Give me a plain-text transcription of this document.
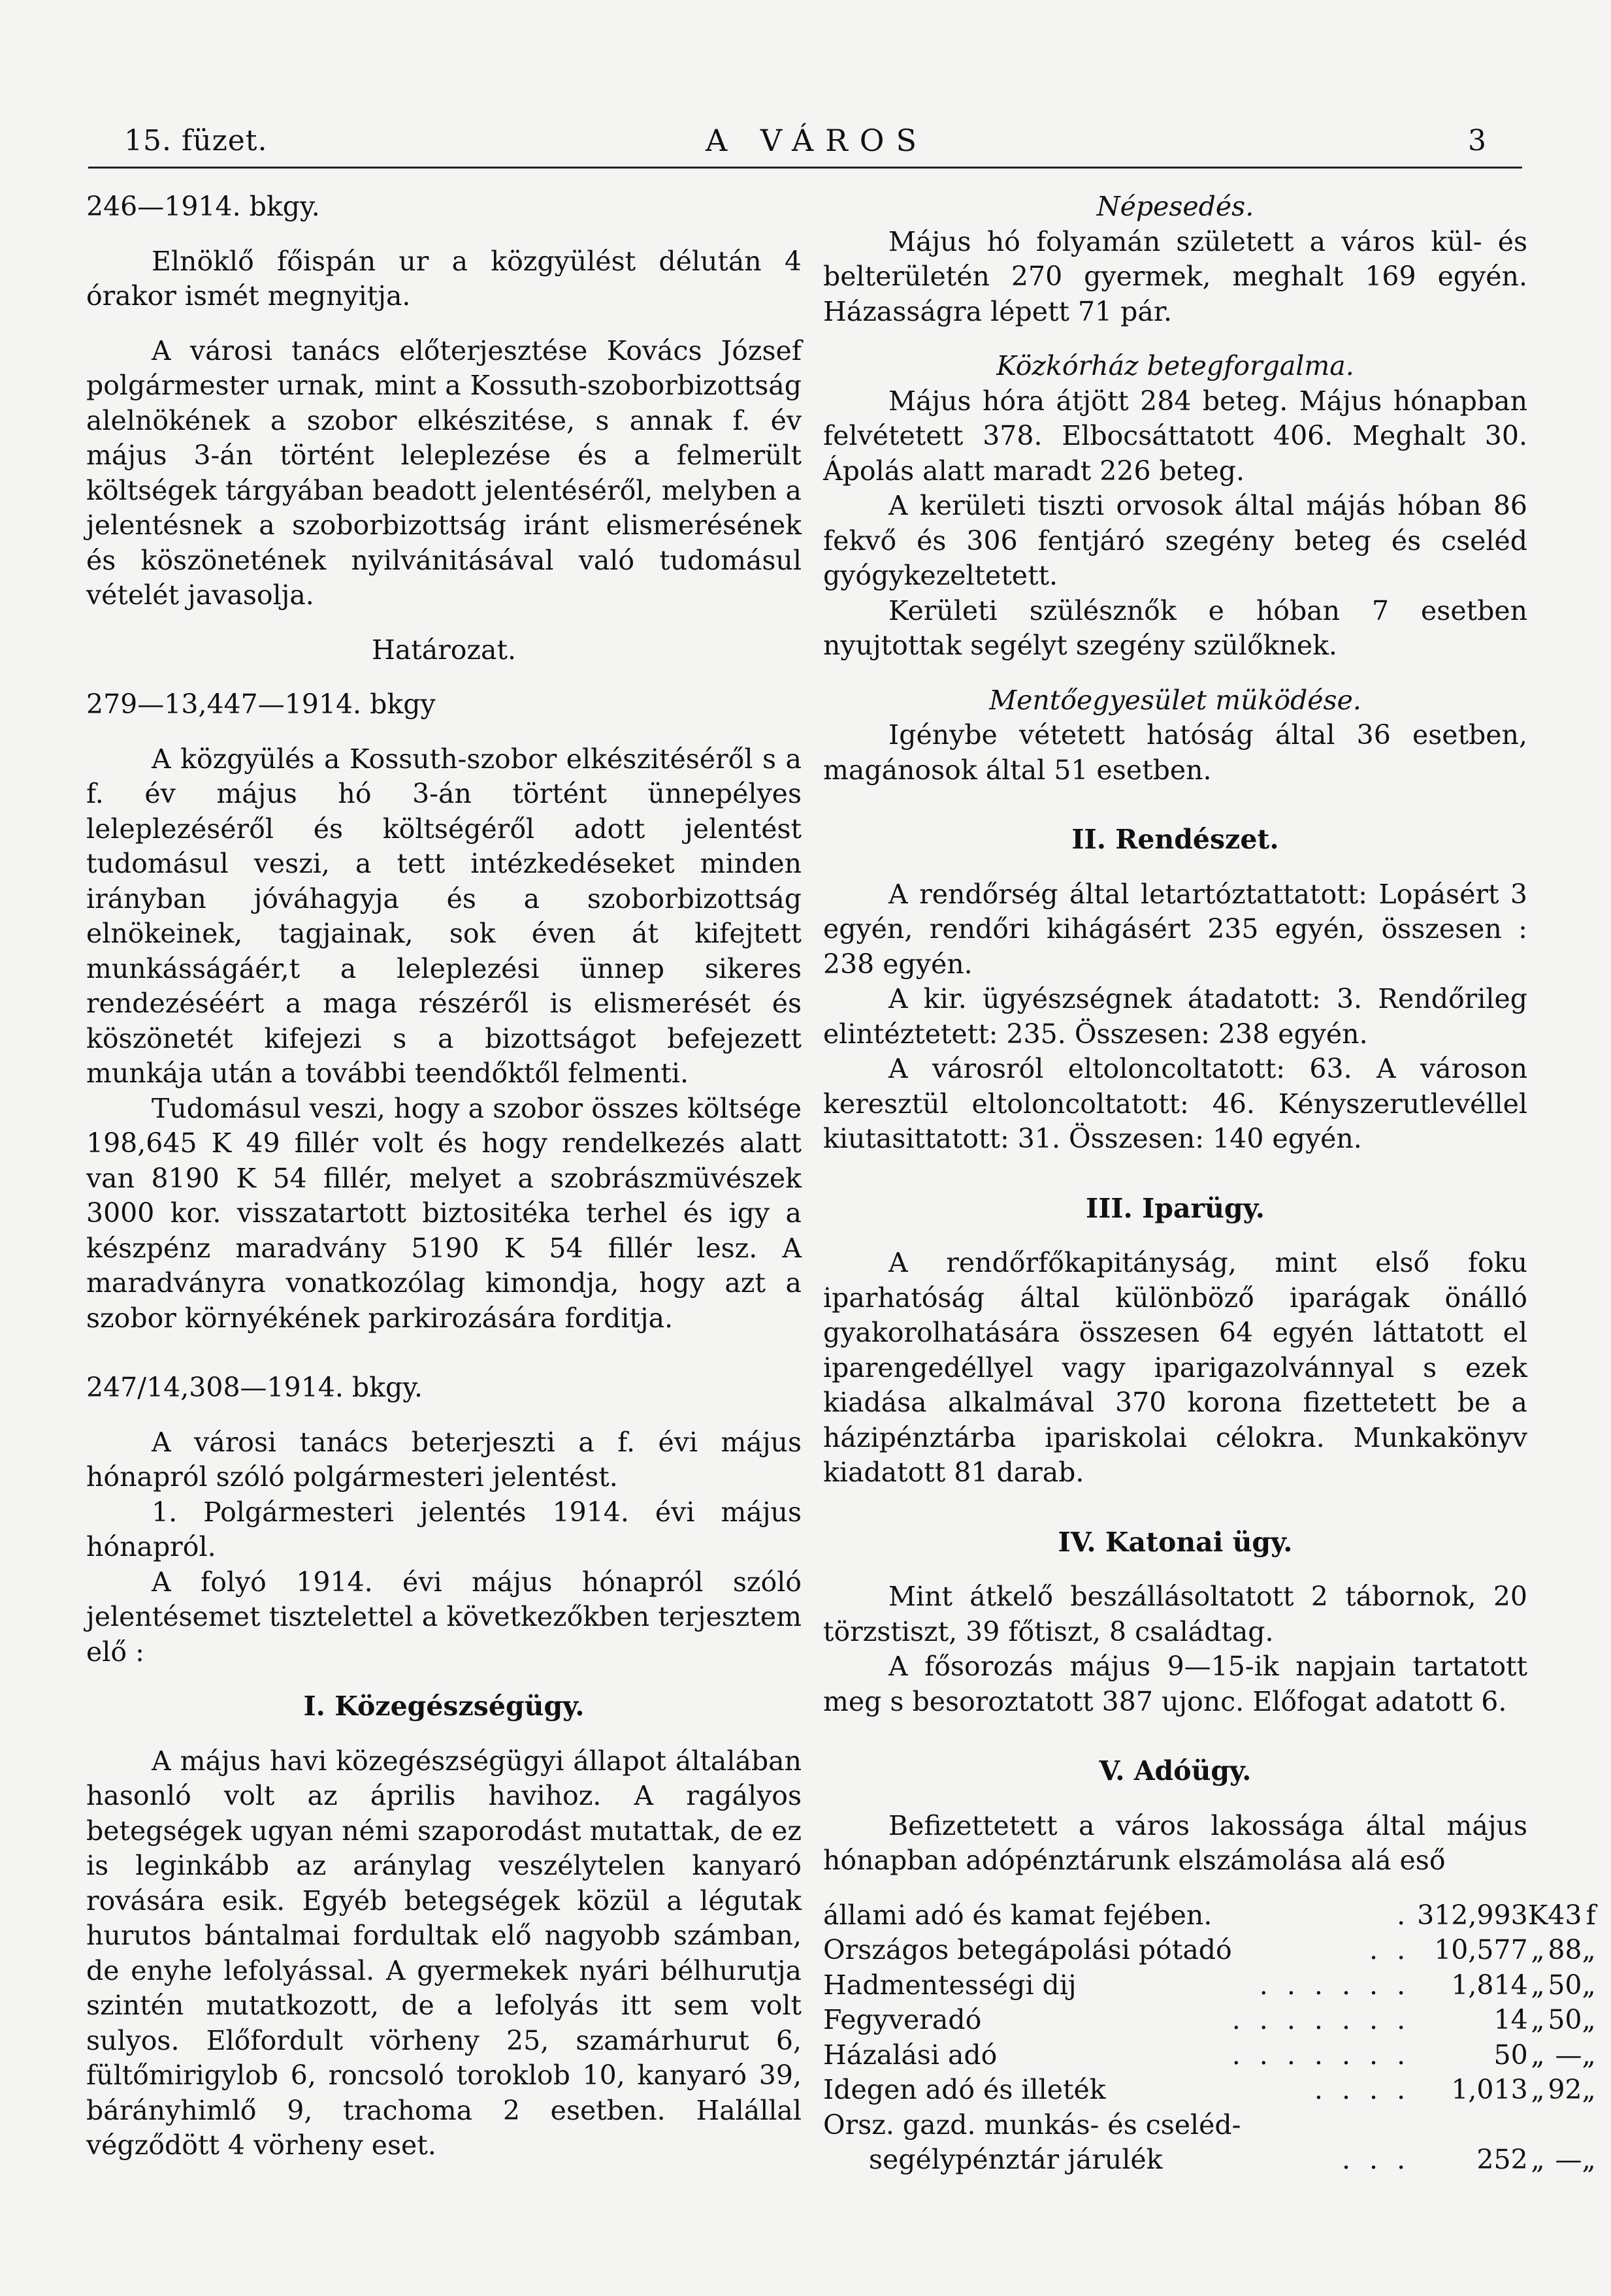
15. füzet.	A VÁROS	3

246—1914. bkgy.

Elnöklő főispán ur a közgyülést délután 4 órakor ismét megnyitja.

A városi tanács előterjesztése Kovács József polgármester urnak, mint a Kossuth-szoborbizottság alelnökének a szobor elkészitése, s annak f. év május 3-án történt leleplezése és a felmerült költségek tárgyában beadott jelentéséről, melyben a jelentésnek a szoborbizottság iránt elismerésének és köszönetének nyilvánitásával való tudomásul vételét javasolja.

Határozat.

279—13,447—1914. bkgy

A közgyülés a Kossuth-szobor elkészitéséről s a f. év május hó 3-án történt ünnepélyes leleplezéséről és költségéről adott jelentést tudomásul veszi, a tett intézkedéseket minden irányban jóváhagyja és a szoborbizottság elnökeinek, tagjainak, sok éven át kifejtett munkásságáér,t a leleplezési ünnep sikeres rendezéséért a maga részéről is elismerését és köszönetét kifejezi s a bizottságot befejezett munkája után a további teendőktől felmenti.

Tudomásul veszi, hogy a szobor összes költsége 198,645 K 49 fillér volt és hogy rendelkezés alatt van 8190 K 54 fillér, melyet a szobrászmüvészek 3000 kor. visszatartott biztositéka terhel és igy a készpénz maradvány 5190 K 54 fillér lesz. A maradványra vonatkozólag kimondja, hogy azt a szobor környékének parkirozására forditja.

247/14,308—1914. bkgy.

A városi tanács beterjeszti a f. évi május hónapról szóló polgármesteri jelentést.

1. Polgármesteri jelentés 1914. évi május hónapról.

A folyó 1914. évi május hónapról szóló jelentésemet tisztelettel a következőkben terjesztem elő :

I. Közegészségügy.

A május havi közegészségügyi állapot általában hasonló volt az április havihoz. A ragályos betegségek ugyan némi szaporodást mutattak, de ez is leginkább az aránylag veszélytelen kanyaró rovására esik. Egyéb betegségek közül a légutak hurutos bántalmai fordultak elő nagyobb számban, de enyhe lefolyással. A gyermekek nyári bélhurutja szintén mutatkozott, de a lefolyás itt sem volt sulyos. Előfordult vörheny 25, szamárhurut 6, fültőmirigylob 6, roncsoló toroklob 10, kanyaró 39, bárányhimlő 9, trachoma 2 esetben. Halállal végződött 4 vörheny eset.

Népesedés.

Május hó folyamán született a város kül- és belterületén 270 gyermek, meghalt 169 egyén. Házasságra lépett 71 pár.

Közkórház betegforgalma.

Május hóra átjött 284 beteg. Május hónapban felvétetett 378. Elbocsáttatott 406. Meghalt 30. Ápolás alatt maradt 226 beteg.

A kerületi tiszti orvosok által májás hóban 86 fekvő és 306 fentjáró szegény beteg és cseléd gyógykezeltetett.

Kerületi szülésznők e hóban 7 esetben nyujtottak segélyt szegény szülőknek.

Mentőegyesület müködése.

Igénybe vétetett hatóság által 36 esetben, magánosok által 51 esetben.

II. Rendészet.

A rendőrség által letartóztattatott: Lopásért 3 egyén, rendőri kihágásért 235 egyén, összesen : 238 egyén.

A kir. ügyészségnek átadatott: 3. Rendőrileg elintéztetett: 235. Összesen: 238 egyén.

A városról eltoloncoltatott: 63. A városon keresztül eltoloncoltatott: 46. Kényszerutlevéllel kiutasittatott: 31. Összesen: 140 egyén.

III. Iparügy.

A rendőrfőkapitányság, mint első foku iparhatóság által különböző iparágak önálló gyakorolhatására összesen 64 egyén láttatott el iparengedéllyel vagy iparigazolvánnyal s ezek kiadása alkalmával 370 korona fizettetett be a házipénztárba ipariskolai célokra. Munkakönyv kiadatott 81 darab.

IV. Katonai ügy.

Mint átkelő beszállásoltatott 2 tábornok, 20 törzstiszt, 39 főtiszt, 8 családtag.

A fősorozás május 9—15-ik napjain tartatott meg s besoroztatott 387 ujonc. Előfogat adatott 6.

V. Adóügy.

Befizettetett a város lakossága által május hónapban adópénztárunk elszámolása alá eső

állami adó és kamat fejében.	.	312,993	K	43	f
Országos betegápolási pótadó	. .	10,577	„	88	„
Hadmentességi dij	. . . . . .	1,814	„	50	„
Fegyveradó	. . . . . . .	14	„	50	„
Házalási adó	. . . . . . .	50	„	—	„
Idegen adó és illeték	. . . .	1,013	„	92	„
Orsz. gazd. munkás- és cseléd-					
segélypénztár járulék	. . .	252	„	—	„
